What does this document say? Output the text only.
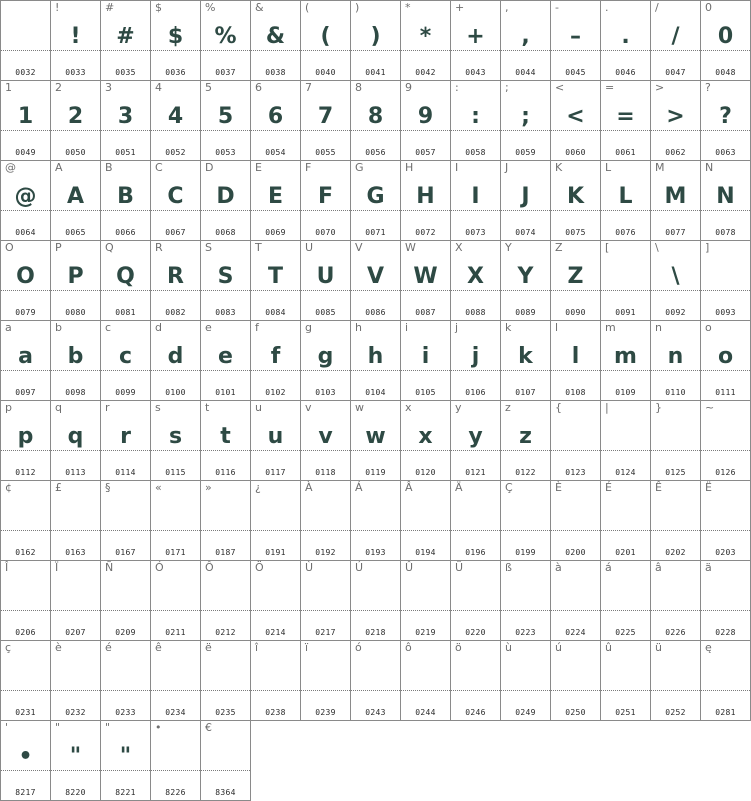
0032
!
!
0033
#
#
0035
$
$
0036
%
%
0037
&
&
0038
(
(
0040
)
)
0041
*
*
0042
+
+
0043
,
,
0044
-
–
0045
.
.
0046
/
/
0047
0
0
0048
1
1
0049
2
2
0050
3
3
0051
4
4
0052
5
5
0053
6
6
0054
7
7
0055
8
8
0056
9
9
0057
:
:
0058
;
;
0059
<
<
0060
=
=
0061
>
>
0062
?
?
0063
@
@
0064
A
A
0065
B
B
0066
C
C
0067
D
D
0068
E
E
0069
F
F
0070
G
G
0071
H
H
0072
I
I
0073
J
J
0074
K
K
0075
L
L
0076
M
M
0077
N
N
0078
O
O
0079
P
P
0080
Q
Q
0081
R
R
0082
S
S
0083
T
T
0084
U
U
0085
V
V
0086
W
W
0087
X
X
0088
Y
Y
0089
Z
Z
0090
[
0091
\
\
0092
]
0093
a
a
0097
b
b
0098
c
c
0099
d
d
0100
e
e
0101
f
f
0102
g
g
0103
h
h
0104
i
i
0105
j
j
0106
k
k
0107
l
l
0108
m
m
0109
n
n
0110
o
o
0111
p
p
0112
q
q
0113
r
r
0114
s
s
0115
t
t
0116
u
u
0117
v
v
0118
w
w
0119
x
x
0120
y
y
0121
z
z
0122
{
0123
|
0124
}
0125
~
0126
¢
0162
£
0163
§
0167
«
0171
»
0187
¿
0191
À
0192
Á
0193
Â
0194
Ä
0196
Ç
0199
È
0200
É
0201
Ê
0202
Ë
0203
Î
0206
Ï
0207
Ñ
0209
Ó
0211
Ô
0212
Ö
0214
Ù
0217
Ú
0218
Û
0219
Ü
0220
ß
0223
à
0224
á
0225
â
0226
ä
0228
ç
0231
è
0232
é
0233
ê
0234
ë
0235
î
0238
ï
0239
ó
0243
ô
0244
ö
0246
ù
0249
ú
0250
û
0251
ü
0252
ę
0281
'
•
8217
"
"
8220
"
"
8221
•
8226
€
8364
